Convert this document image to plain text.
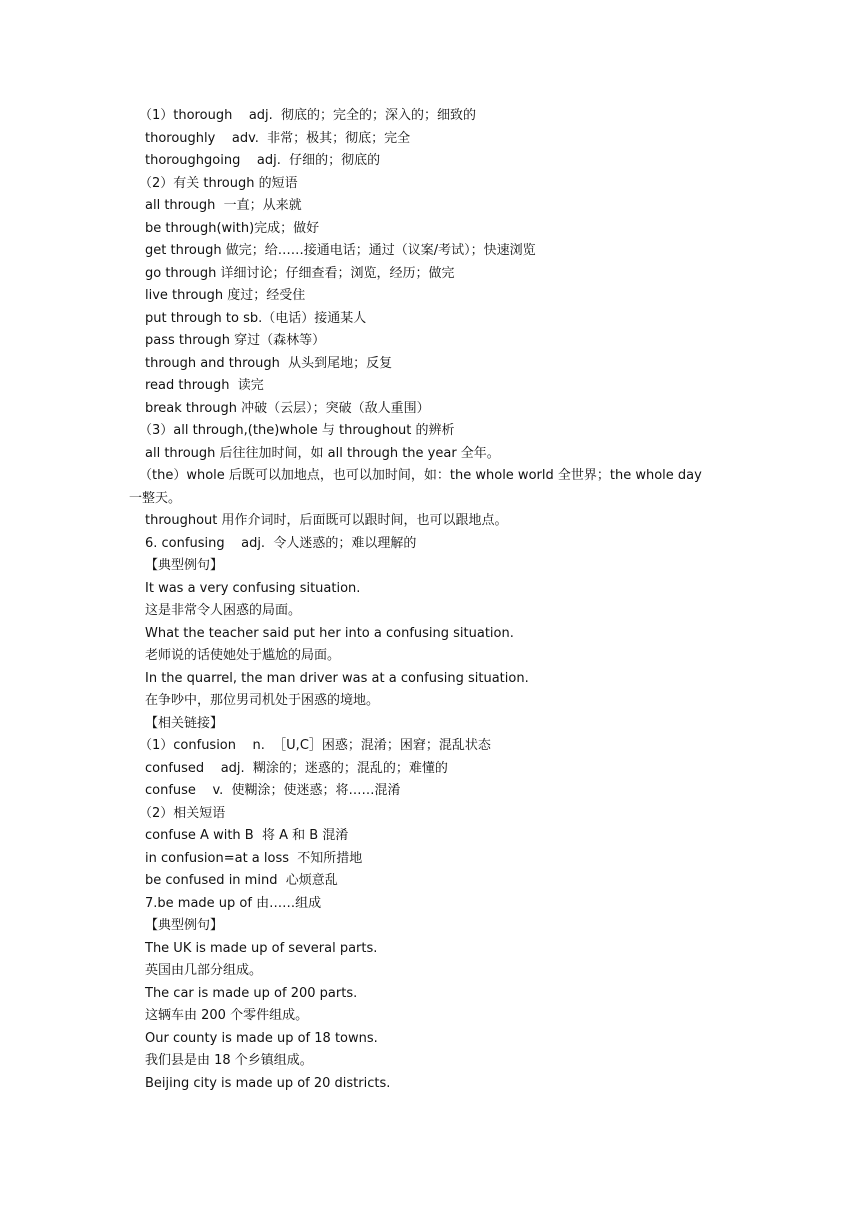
（1）thorough    adj.  彻底的；完全的；深入的；细致的
thoroughly    adv.  非常；极其；彻底；完全
thoroughgoing    adj.  仔细的；彻底的
（2）有关 through 的短语
all through  一直；从来就
be through(with)完成；做好
get through 做完；给……接通电话；通过（议案/考试）；快速浏览
go through 详细讨论；仔细查看；浏览，经历；做完
live through 度过；经受住
put through to sb.（电话）接通某人
pass through 穿过（森林等）
through and through  从头到尾地；反复
read through  读完
break through 冲破（云层）；突破（敌人重围）
（3）all through,(the)whole 与 throughout 的辨析
all through 后往往加时间，如 all through the year 全年。
（the）whole 后既可以加地点，也可以加时间，如：the whole world 全世界；the whole day
一整天。
throughout 用作介词时，后面既可以跟时间，也可以跟地点。
6. confusing    adj.  令人迷惑的；难以理解的
【典型例句】
It was a very confusing situation.
这是非常令人困惑的局面。
What the teacher said put her into a confusing situation.
老师说的话使她处于尴尬的局面。
In the quarrel, the man driver was at a confusing situation.
在争吵中，那位男司机处于困惑的境地。
【相关链接】
（1）confusion    n.  ［U,C］困惑；混淆；困窘；混乱状态
confused    adj.  糊涂的；迷惑的；混乱的；难懂的
confuse    v.  使糊涂；使迷惑；将……混淆
（2）相关短语
confuse A with B  将 A 和 B 混淆
in confusion=at a loss  不知所措地
be confused in mind  心烦意乱
7.be made up of 由……组成
【典型例句】
The UK is made up of several parts.
英国由几部分组成。
The car is made up of 200 parts.
这辆车由 200 个零件组成。
Our county is made up of 18 towns.
我们县是由 18 个乡镇组成。
Beijing city is made up of 20 districts.
